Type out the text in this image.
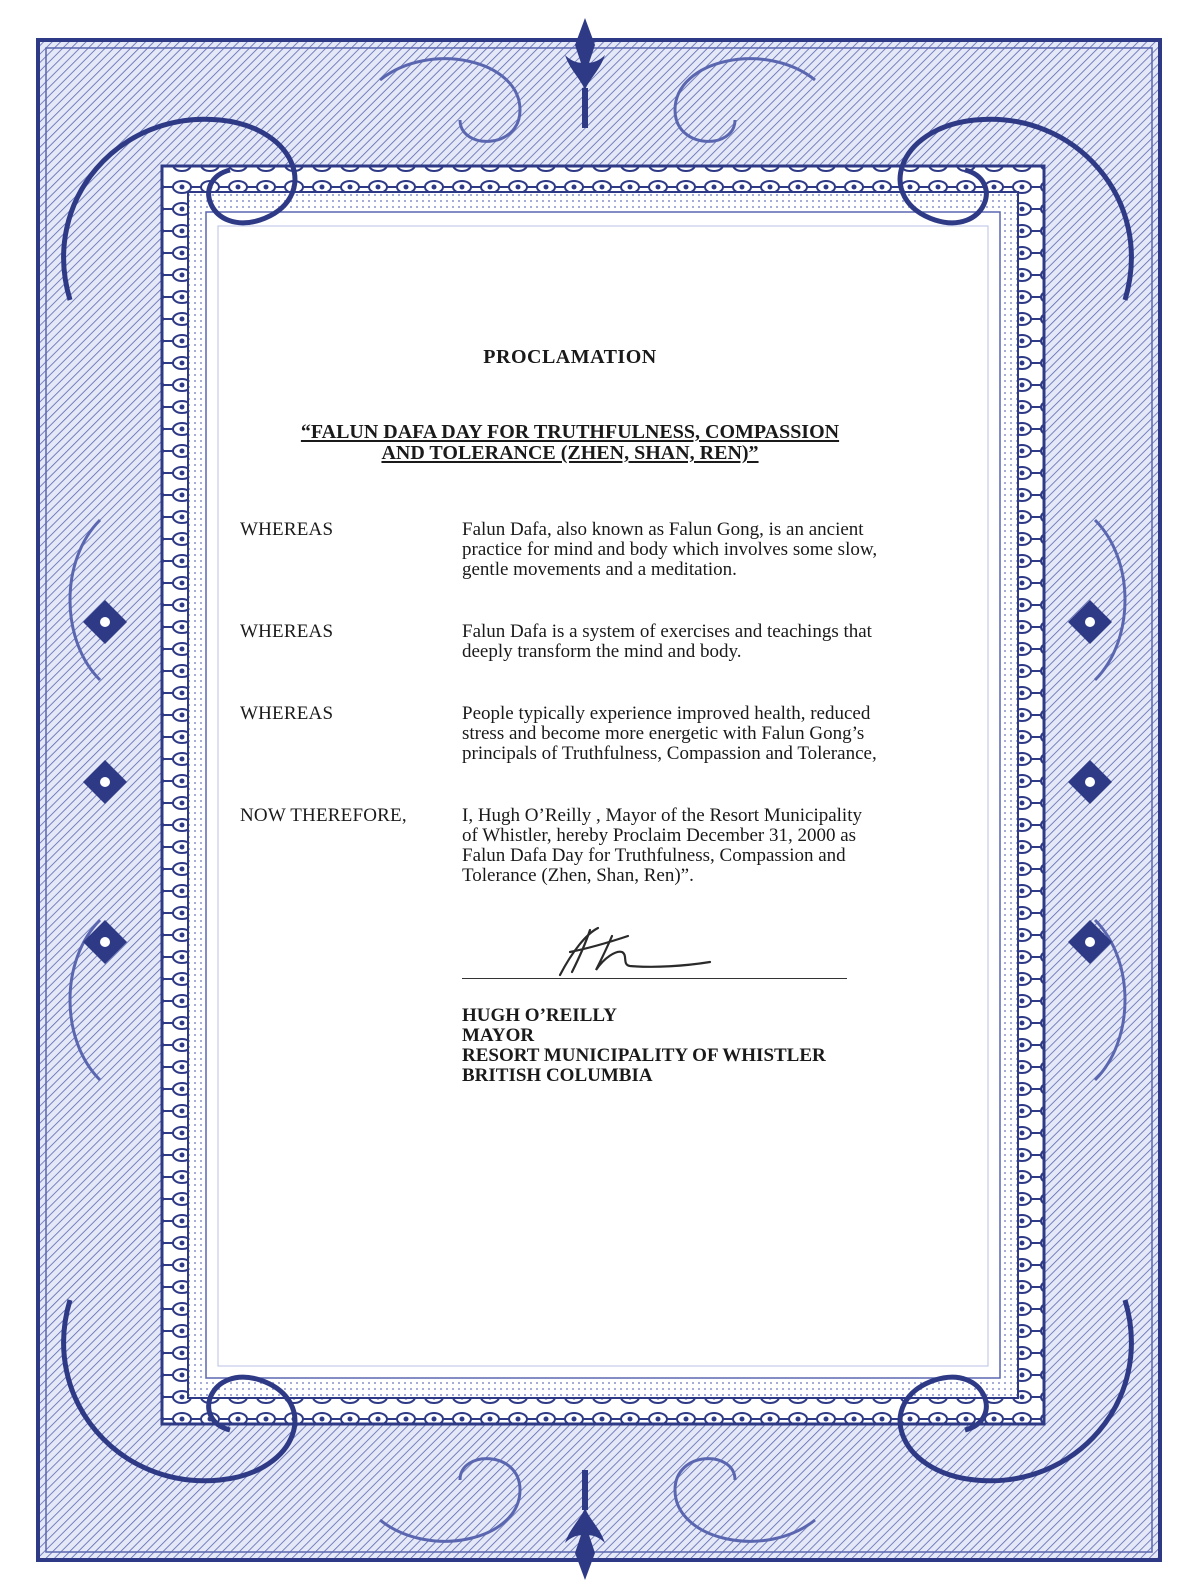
PROCLAMATION
“FALUN DAFA DAY FOR TRUTHFULNESS, COMPASSION
AND TOLERANCE (ZHEN, SHAN, REN)”
WHEREAS	Falun Dafa, also known as Falun Gong, is an ancient practice for mind and body which involves some slow, gentle movements and a meditation.
WHEREAS	Falun Dafa is a system of exercises and teachings that deeply transform the mind and body.
WHEREAS	People typically experience improved health, reduced stress and become more energetic with Falun Gong’s principals of Truthfulness, Compassion and Tolerance,
NOW THEREFORE,	I, Hugh O’Reilly , Mayor of the Resort Municipality of Whistler, hereby Proclaim December 31, 2000 as Falun Dafa Day for Truthfulness, Compassion and Tolerance (Zhen, Shan, Ren)”.
HUGH O’REILLY
MAYOR
RESORT MUNICIPALITY OF WHISTLER
BRITISH COLUMBIA
